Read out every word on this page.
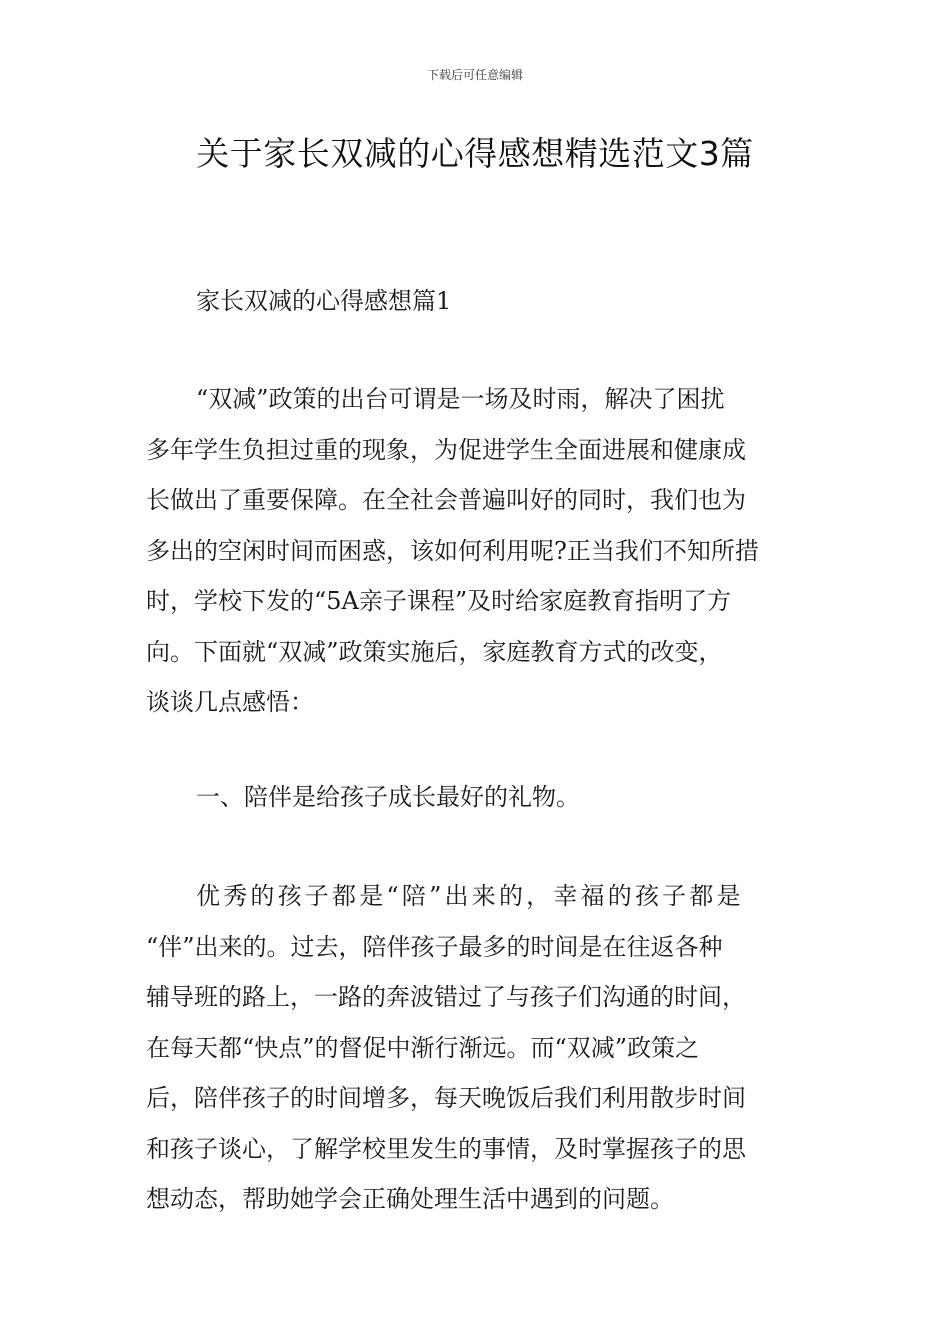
下载后可任意编辑
关于家长双减的心得感想精选范文3篇
家长双减的心得感想篇1
“双减”政策的出台可谓是一场及时雨，解决了困扰
多年学生负担过重的现象，为促进学生全面进展和健康成
长做出了重要保障。在全社会普遍叫好的同时，我们也为
多出的空闲时间而困惑，该如何利用呢?正当我们不知所措
时，学校下发的“5A亲子课程”及时给家庭教育指明了方
向。下面就“双减”政策实施后，家庭教育方式的改变，
谈谈几点感悟：
一、陪伴是给孩子成长最好的礼物。
优秀的孩子都是“陪”出来的，幸福的孩子都是
“伴”出来的。过去，陪伴孩子最多的时间是在往返各种
辅导班的路上，一路的奔波错过了与孩子们沟通的时间，
在每天都“快点”的督促中渐行渐远。而“双减”政策之
后，陪伴孩子的时间增多，每天晚饭后我们利用散步时间
和孩子谈心，了解学校里发生的事情，及时掌握孩子的思
想动态，帮助她学会正确处理生活中遇到的问题。
